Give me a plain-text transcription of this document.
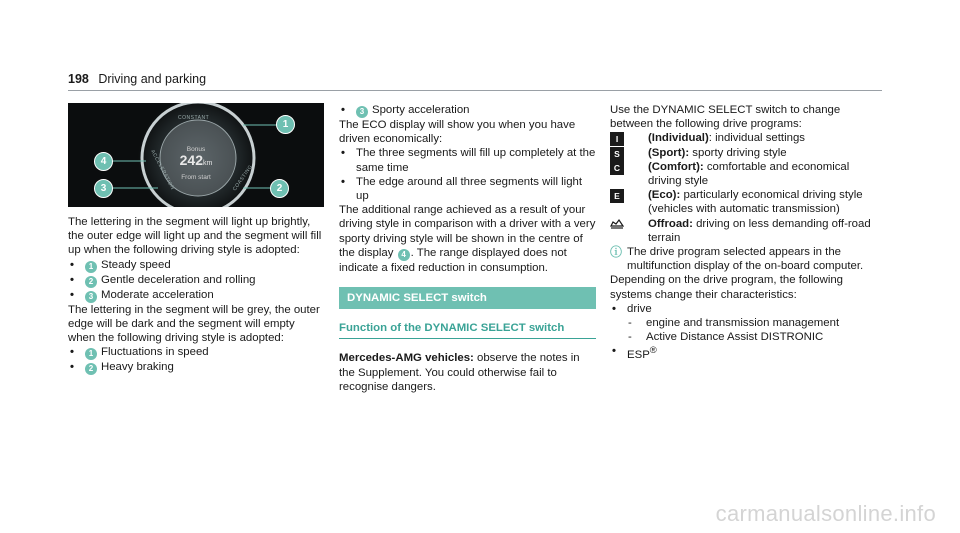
198 Driving and parking
CONSTANT
ACCELERATION	COASTING
Bonus
242km
From start
1
2
3
4

The lettering in the segment will light up brightly, the outer edge will light up and the segment will fill up when the following driving style is adopted:

• 1 Steady speed
• 2 Gentle deceleration and rolling
• 3 Moderate acceleration

The lettering in the segment will be grey, the outer edge will be dark and the segment will empty when the following driving style is adopted:

• 1 Fluctuations in speed
• 2 Heavy braking
• 3 Sporty acceleration

The ECO display will show you when you have driven economically:

• The three segments will fill up completely at the same time
• The edge around all three segments will light up

The additional range achieved as a result of your driving style in comparison with a driver with a very sporty driving style will be shown in the centre of the display 4 . The range displayed does not indicate a fixed reduction in consumption.

DYNAMIC SELECT switch
Function of the DYNAMIC SELECT switch

Mercedes-AMG vehicles: observe the notes in the Supplement. You could otherwise fail to recognise dangers.

Use the DYNAMIC SELECT switch to change between the following drive programs:

I	(Individual): individual settings
S	(Sport): sporty driving style
C	(Comfort): comfortable and economical driving style
E	(Eco): particularly economical driving style (vehicles with automatic transmission)
Offroad: driving on less demanding off-road terrain
ⓘ The drive program selected appears in the multifunction display of the on-board computer.

Depending on the drive program, the following systems change their characteristics:

• drive
- engine and transmission management
- Active Distance Assist DISTRONIC
• ESP®
carmanualsonline.info
